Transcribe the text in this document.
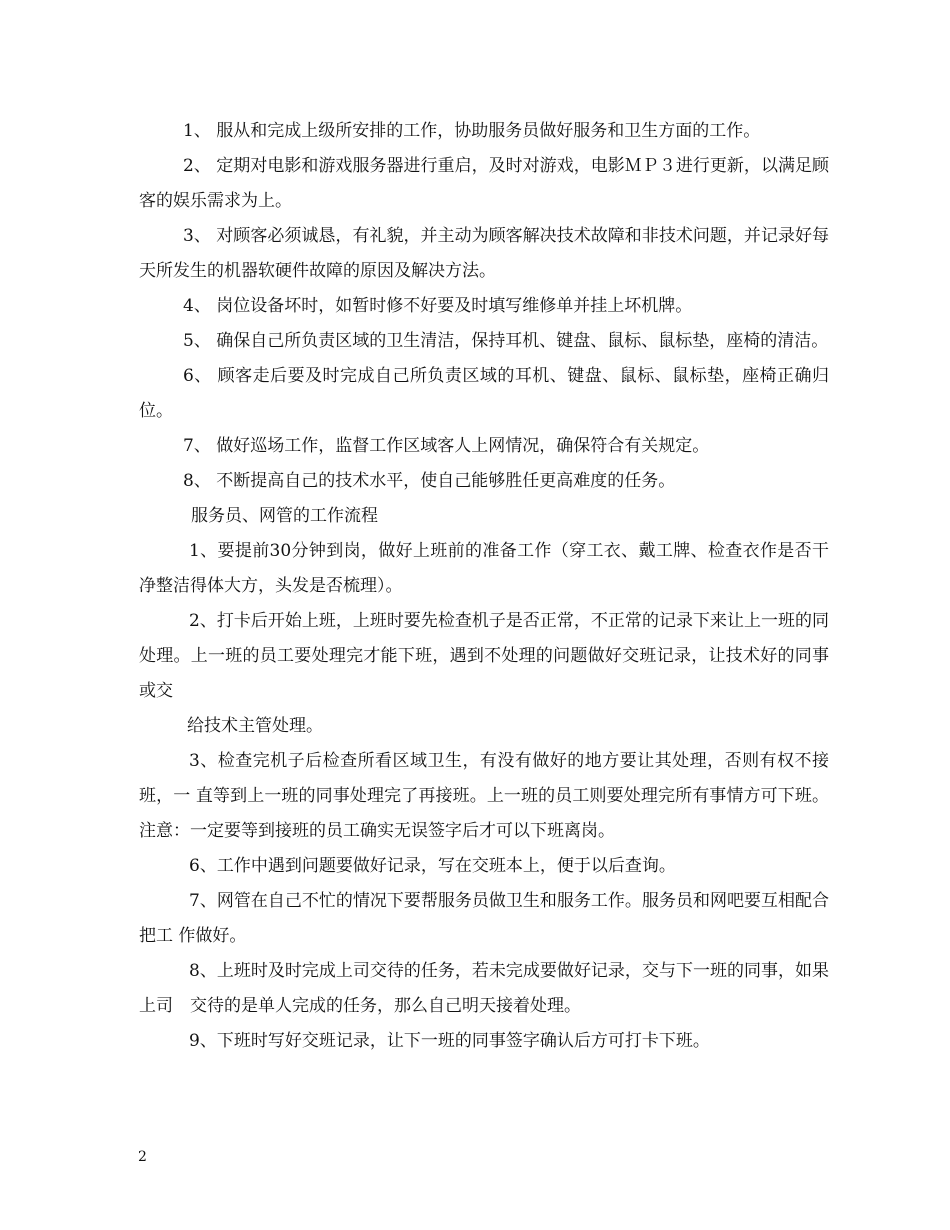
1、 服从和完成上级所安排的工作，协助服务员做好服务和卫生方面的工作。

2、 定期对电影和游戏服务器进行重启，及时对游戏，电影ＭＰ３进行更新，以满足顾客的娱乐需求为上。

3、 对顾客必须诚恳，有礼貌，并主动为顾客解决技术故障和非技术问题，并记录好每天所发生的机器软硬件故障的原因及解决方法。

4、 岗位设备坏时，如暂时修不好要及时填写维修单并挂上坏机牌。

5、 确保自己所负责区域的卫生清洁，保持耳机、键盘、鼠标、鼠标垫，座椅的清洁。

6、 顾客走后要及时完成自己所负责区域的耳机、键盘、鼠标、鼠标垫，座椅正确归位。

7、 做好巡场工作，监督工作区域客人上网情况，确保符合有关规定。

8、 不断提高自己的技术水平，使自己能够胜任更高难度的任务。

服务员、网管的工作流程

1、要提前30分钟到岗，做好上班前的准备工作（穿工衣、戴工牌、检查衣作是否干净整洁得体大方，头发是否梳理）。

2、打卡后开始上班，上班时要先检查机子是否正常，不正常的记录下来让上一班的同处理。上一班的员工要处理完才能下班，遇到不处理的问题做好交班记录，让技术好的同事或交

给技术主管处理。

3、检查完机子后检查所看区域卫生，有没有做好的地方要让其处理，否则有权不接班，一 直等到上一班的同事处理完了再接班。上一班的员工则要处理完所有事情方可下班。注意：一定要等到接班的员工确实无误签字后才可以下班离岗。

6、工作中遇到问题要做好记录，写在交班本上，便于以后查询。

7、网管在自己不忙的情况下要帮服务员做卫生和服务工作。服务员和网吧要互相配合把工 作做好。

8、上班时及时完成上司交待的任务，若未完成要做好记录，交与下一班的同事，如果上司　交待的是单人完成的任务，那么自己明天接着处理。

9、下班时写好交班记录，让下一班的同事签字确认后方可打卡下班。

2
